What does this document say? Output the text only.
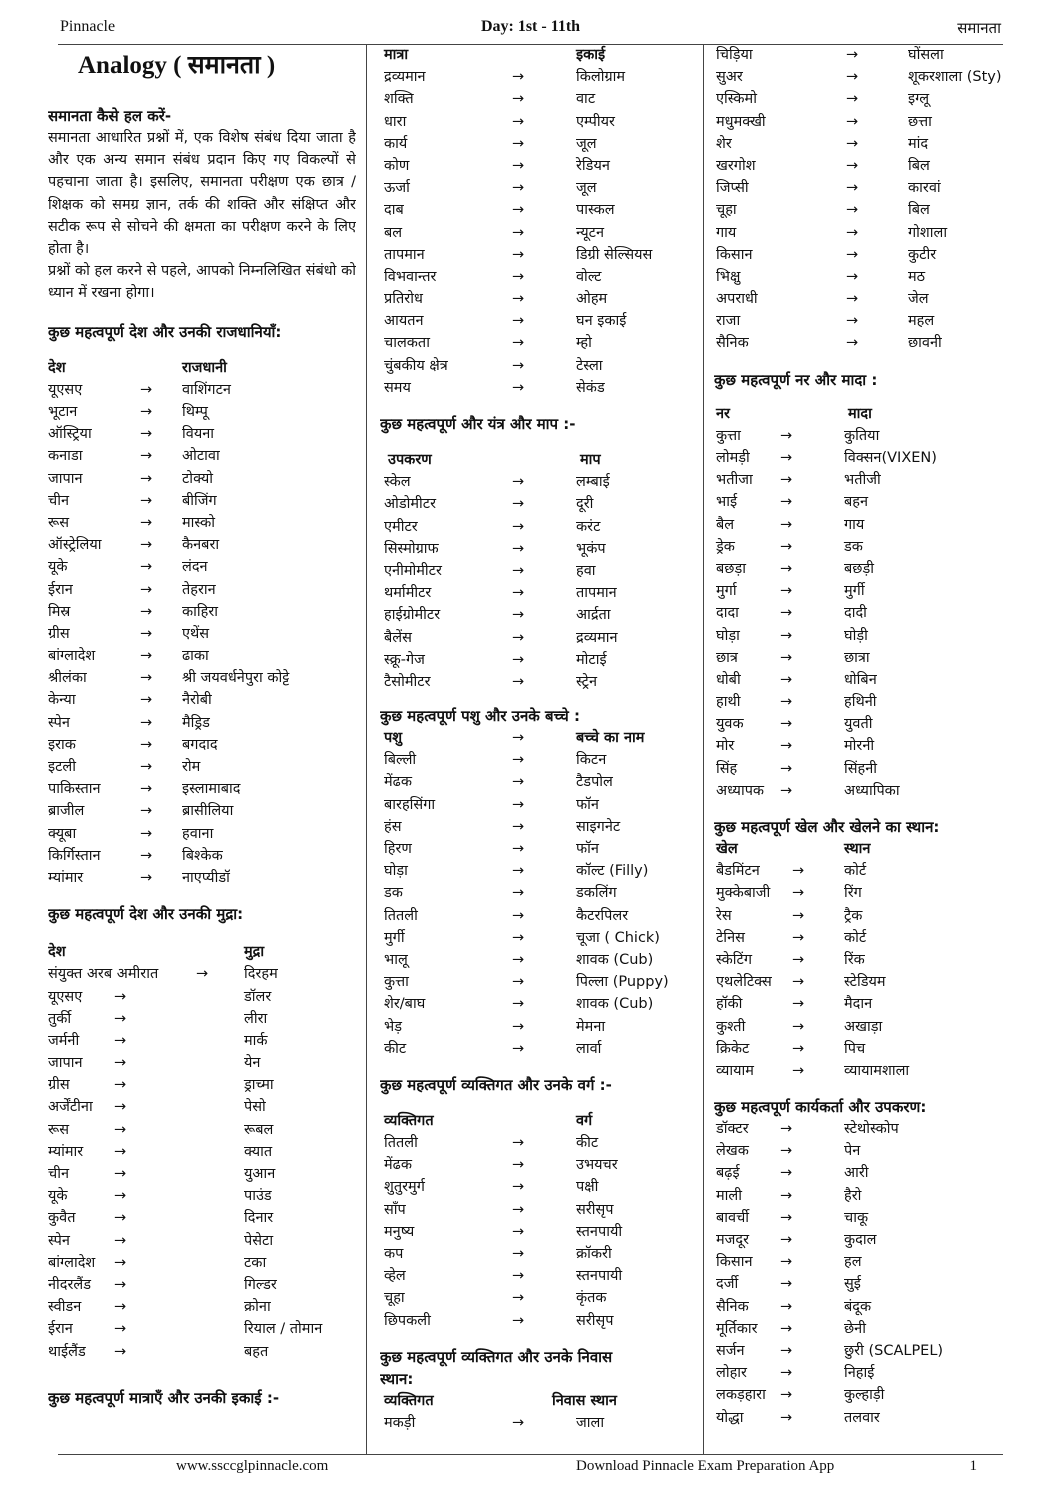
Pinnacle	Day: 1st - 11th	समानता
Analogy ( समानता )
समानता कैसे हल करें-

समानता आधारित प्रश्नों में, एक विशेष संबंध दिया जाता है और एक अन्य समान संबंध प्रदान किए गए विकल्पों से पहचाना जाता है। इसलिए, समानता परीक्षण एक छात्र / शिक्षक को समग्र ज्ञान, तर्क की शक्ति और संक्षिप्त और सटीक रूप से सोचने की क्षमता का परीक्षण करने के लिए होता है।

प्रश्नों को हल करने से पहले, आपको निम्नलिखित संबंधो को ध्यान में रखना होगा।

कुछ महत्वपूर्ण देश और उनकी राजधानियाँ:
देश	राजधानी
यूएसए	→ वाशिंगटन
भूटान	→ थिम्पू
ऑस्ट्रिया	→ वियना
कनाडा	→ ओटावा
जापान	→ टोक्यो
चीन	→ बीजिंग
रूस	→ मास्को
ऑस्ट्रेलिया	→ कैनबरा
यूके	→ लंदन
ईरान	→ तेहरान
मिस्र	→ काहिरा
ग्रीस	→ एथेंस
बांग्लादेश	→ ढाका
श्रीलंका	→ श्री जयवर्धनेपुरा कोट्टे
केन्या	→ नैरोबी
स्पेन	→ मैड्रिड
इराक	→ बगदाद
इटली	→ रोम
पाकिस्तान	→ इस्लामाबाद
ब्राजील	→ ब्रासीलिया
क्यूबा	→ हवाना
किर्गिस्तान	→ बिश्केक
म्यांमार	→ नाएप्यीडॉ
कुछ महत्वपूर्ण देश और उनकी मुद्रा:
देश	मुद्रा
संयुक्त अरब अमीरात	→ दिरहम
यूएसए →	डॉलर
तुर्की	→	लीरा
जर्मनी →	मार्क
जापान →	येन
ग्रीस	→	ड्राच्मा
अर्जेंटीना →	पेसो
रूस	→	रूबल
म्यांमार →	क्यात
चीन	→	युआन
यूके	→	पाउंड
कुवैत	→	दिनार
स्पेन	→	पेसेटा
बांग्लादेश →	टका
नीदरलैंड →	गिल्डर
स्वीडन →	क्रोना
ईरान	→	रियाल / तोमान
थाईलैंड →	बहत
कुछ महत्वपूर्ण मात्राएँ और उनकी इकाई :-
मात्रा	इकाई
द्रव्यमान	→	किलोग्राम
शक्ति	→	वाट
धारा	→	एम्पीयर
कार्य	→	जूल
कोण	→	रेडियन
ऊर्जा	→	जूल
दाब	→	पास्कल
बल	→	न्यूटन
तापमान	→	डिग्री सेल्सियस
विभवान्तर	→	वोल्ट
प्रतिरोध	→	ओहम
आयतन	→	घन इकाई
चालकता	→	म्हो
चुंबकीय क्षेत्र	→	टेस्ला
समय	→	सेकंड
कुछ महत्वपूर्ण और यंत्र और माप :-
उपकरण	माप
स्केल	→	लम्बाई
ओडोमीटर	→	दूरी
एमीटर	→	करंट
सिस्मोग्राफ	→	भूकंप
एनीमोमीटर	→	हवा
थर्मामीटर	→	तापमान
हाईग्रोमीटर	→	आर्द्रता
बैलेंस	→	द्रव्यमान
स्क्रू-गेज	→	मोटाई
टैसोमीटर	→	स्ट्रेन
कुछ महत्वपूर्ण पशु और उनके बच्चे :
पशु	→	बच्चे का नाम
बिल्ली	→	किटन
मेंढक	→	टैडपोल
बारहसिंगा	→	फॉन
हंस	→	साइगनेट
हिरण	→	फॉन
घोड़ा	→	कॉल्ट (Filly)
डक	→	डकलिंग
तितली	→	कैटरपिलर
मुर्गी	→	चूजा ( Chick)
भालू	→	शावक (Cub)
कुत्ता	→	पिल्ला (Puppy)
शेर/बाघ	→	शावक (Cub)
भेड़	→	मेमना
कीट	→	लार्वा
कुछ महत्वपूर्ण व्यक्तिगत और उनके वर्ग :-
व्यक्तिगत	वर्ग
तितली	→	कीट
मेंढक	→	उभयचर
शुतुरमुर्ग	→	पक्षी
साँप	→	सरीसृप
मनुष्य	→	स्तनपायी
कप	→	क्रॉकरी
व्हेल	→	स्तनपायी
चूहा	→	कृंतक
छिपकली	→	सरीसृप
कुछ महत्वपूर्ण व्यक्तिगत और उनके निवास
स्थान:
व्यक्तिगत	निवास स्थान
मकड़ी	→	जाला
चिड़िया	→	घोंसला
सुअर	→	शूकरशाला (Sty)
एस्किमो	→	इग्लू
मधुमक्खी	→	छत्ता
शेर	→	मांद
खरगोश	→	बिल
जिप्सी	→	कारवां
चूहा	→	बिल
गाय	→	गोशाला
किसान	→	कुटीर
भिक्षु	→	मठ
अपराधी	→	जेल
राजा	→	महल
सैनिक	→	छावनी
कुछ महत्वपूर्ण नर और मादा :
नर	मादा
कुत्ता	→	कुतिया
लोमड़ी →	विक्सन(VIXEN)
भतीजा →	भतीजी
भाई	→	बहन
बैल	→	गाय
ड्रेक	→	डक
बछड़ा →	बछड़ी
मुर्गा	→	मुर्गी
दादा	→	दादी
घोड़ा	→	घोड़ी
छात्र	→	छात्रा
धोबी	→	धोबिन
हाथी	→	हथिनी
युवक	→	युवती
मोर	→	मोरनी
सिंह	→	सिंहनी
अध्यापक →	अध्यापिका
कुछ महत्वपूर्ण खेल और खेलने का स्थान:
खेल	स्थान
बैडमिंटन →	कोर्ट
मुक्केबाजी →	रिंग
रेस	→	ट्रैक
टेनिस	→	कोर्ट
स्केटिंग	→	रिंक
एथलेटिक्स →	स्टेडियम
हॉकी	→	मैदान
कुश्ती	→	अखाड़ा
क्रिकेट	→	पिच
व्यायाम	→	व्यायामशाला
कुछ महत्वपूर्ण कार्यकर्ता और उपकरण:
डॉक्टर →	स्टेथोस्कोप
लेखक →	पेन
बढ़ई	→	आरी
माली	→	हैरो
बावर्ची →	चाकू
मजदूर →	कुदाल
किसान →	हल
दर्जी	→	सुई
सैनिक →	बंदूक
मूर्तिकार →	छेनी
सर्जन →	छुरी (SCALPEL)
लोहार →	निहाई
लकड़हारा →	कुल्हाड़ी
योद्धा	→	तलवार
www.ssccglpinnacle.com	Download Pinnacle Exam Preparation App	1
